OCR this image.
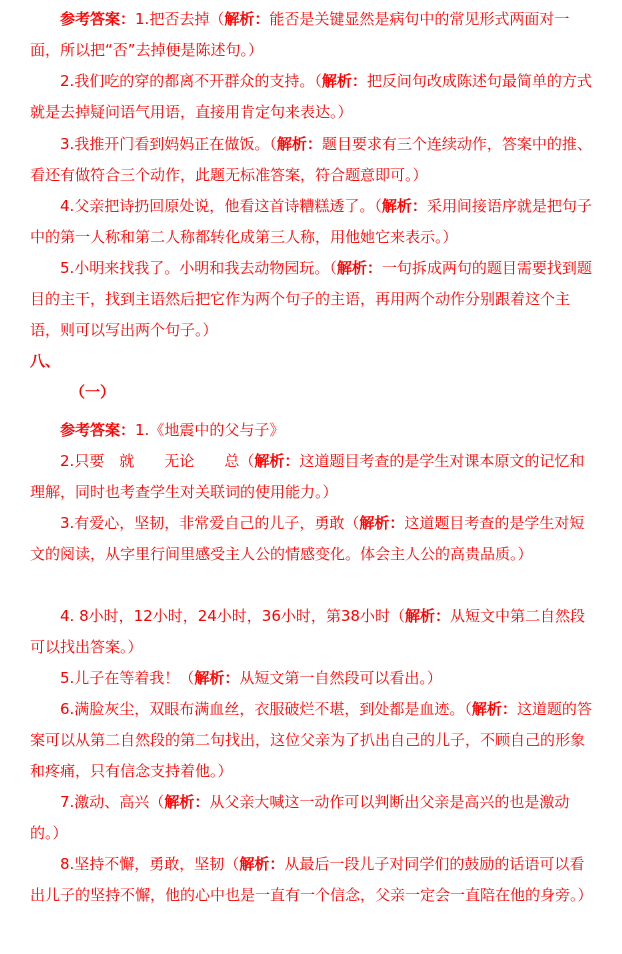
参考答案：1.把否去掉（解析：能否是关键显然是病句中的常见形式两面对一面，所以把“否”去掉便是陈述句。）
2.我们吃的穿的都离不开群众的支持。（解析：把反问句改成陈述句最简单的方式就是去掉疑问语气用语，直接用肯定句来表达。）
3.我推开门看到妈妈正在做饭。（解析：题目要求有三个连续动作，答案中的推、看还有做符合三个动作，此题无标准答案，符合题意即可。）
4.父亲把诗扔回原处说，他看这首诗糟糕透了。（解析：采用间接语序就是把句子中的第一人称和第二人称都转化成第三人称，用他她它来表示。）
5.小明来找我了。小明和我去动物园玩。（解析：一句拆成两句的题目需要找到题目的主干，找到主语然后把它作为两个句子的主语，再用两个动作分别跟着这个主语，则可以写出两个句子。）
八、
（一）
参考答案：1.《地震中的父与子》
2.只要　就　　无论　　总（解析：这道题目考查的是学生对课本原文的记忆和理解，同时也考查学生对关联词的使用能力。）
3.有爱心，坚韧，非常爱自己的儿子，勇敢（解析：这道题目考查的是学生对短文的阅读，从字里行间里感受主人公的情感变化。体会主人公的高贵品质。）
4. 8小时，12小时，24小时，36小时，第38小时（解析：从短文中第二自然段可以找出答案。）
5.儿子在等着我！（解析：从短文第一自然段可以看出。）
6.满脸灰尘，双眼布满血丝，衣服破烂不堪，到处都是血迹。（解析：这道题的答案可以从第二自然段的第二句找出，这位父亲为了扒出自己的儿子，不顾自己的形象和疼痛，只有信念支持着他。）
7.激动、高兴（解析：从父亲大喊这一动作可以判断出父亲是高兴的也是激动的。）
8.坚持不懈，勇敢，坚韧（解析：从最后一段儿子对同学们的鼓励的话语可以看出儿子的坚持不懈，他的心中也是一直有一个信念，父亲一定会一直陪在他的身旁。）
